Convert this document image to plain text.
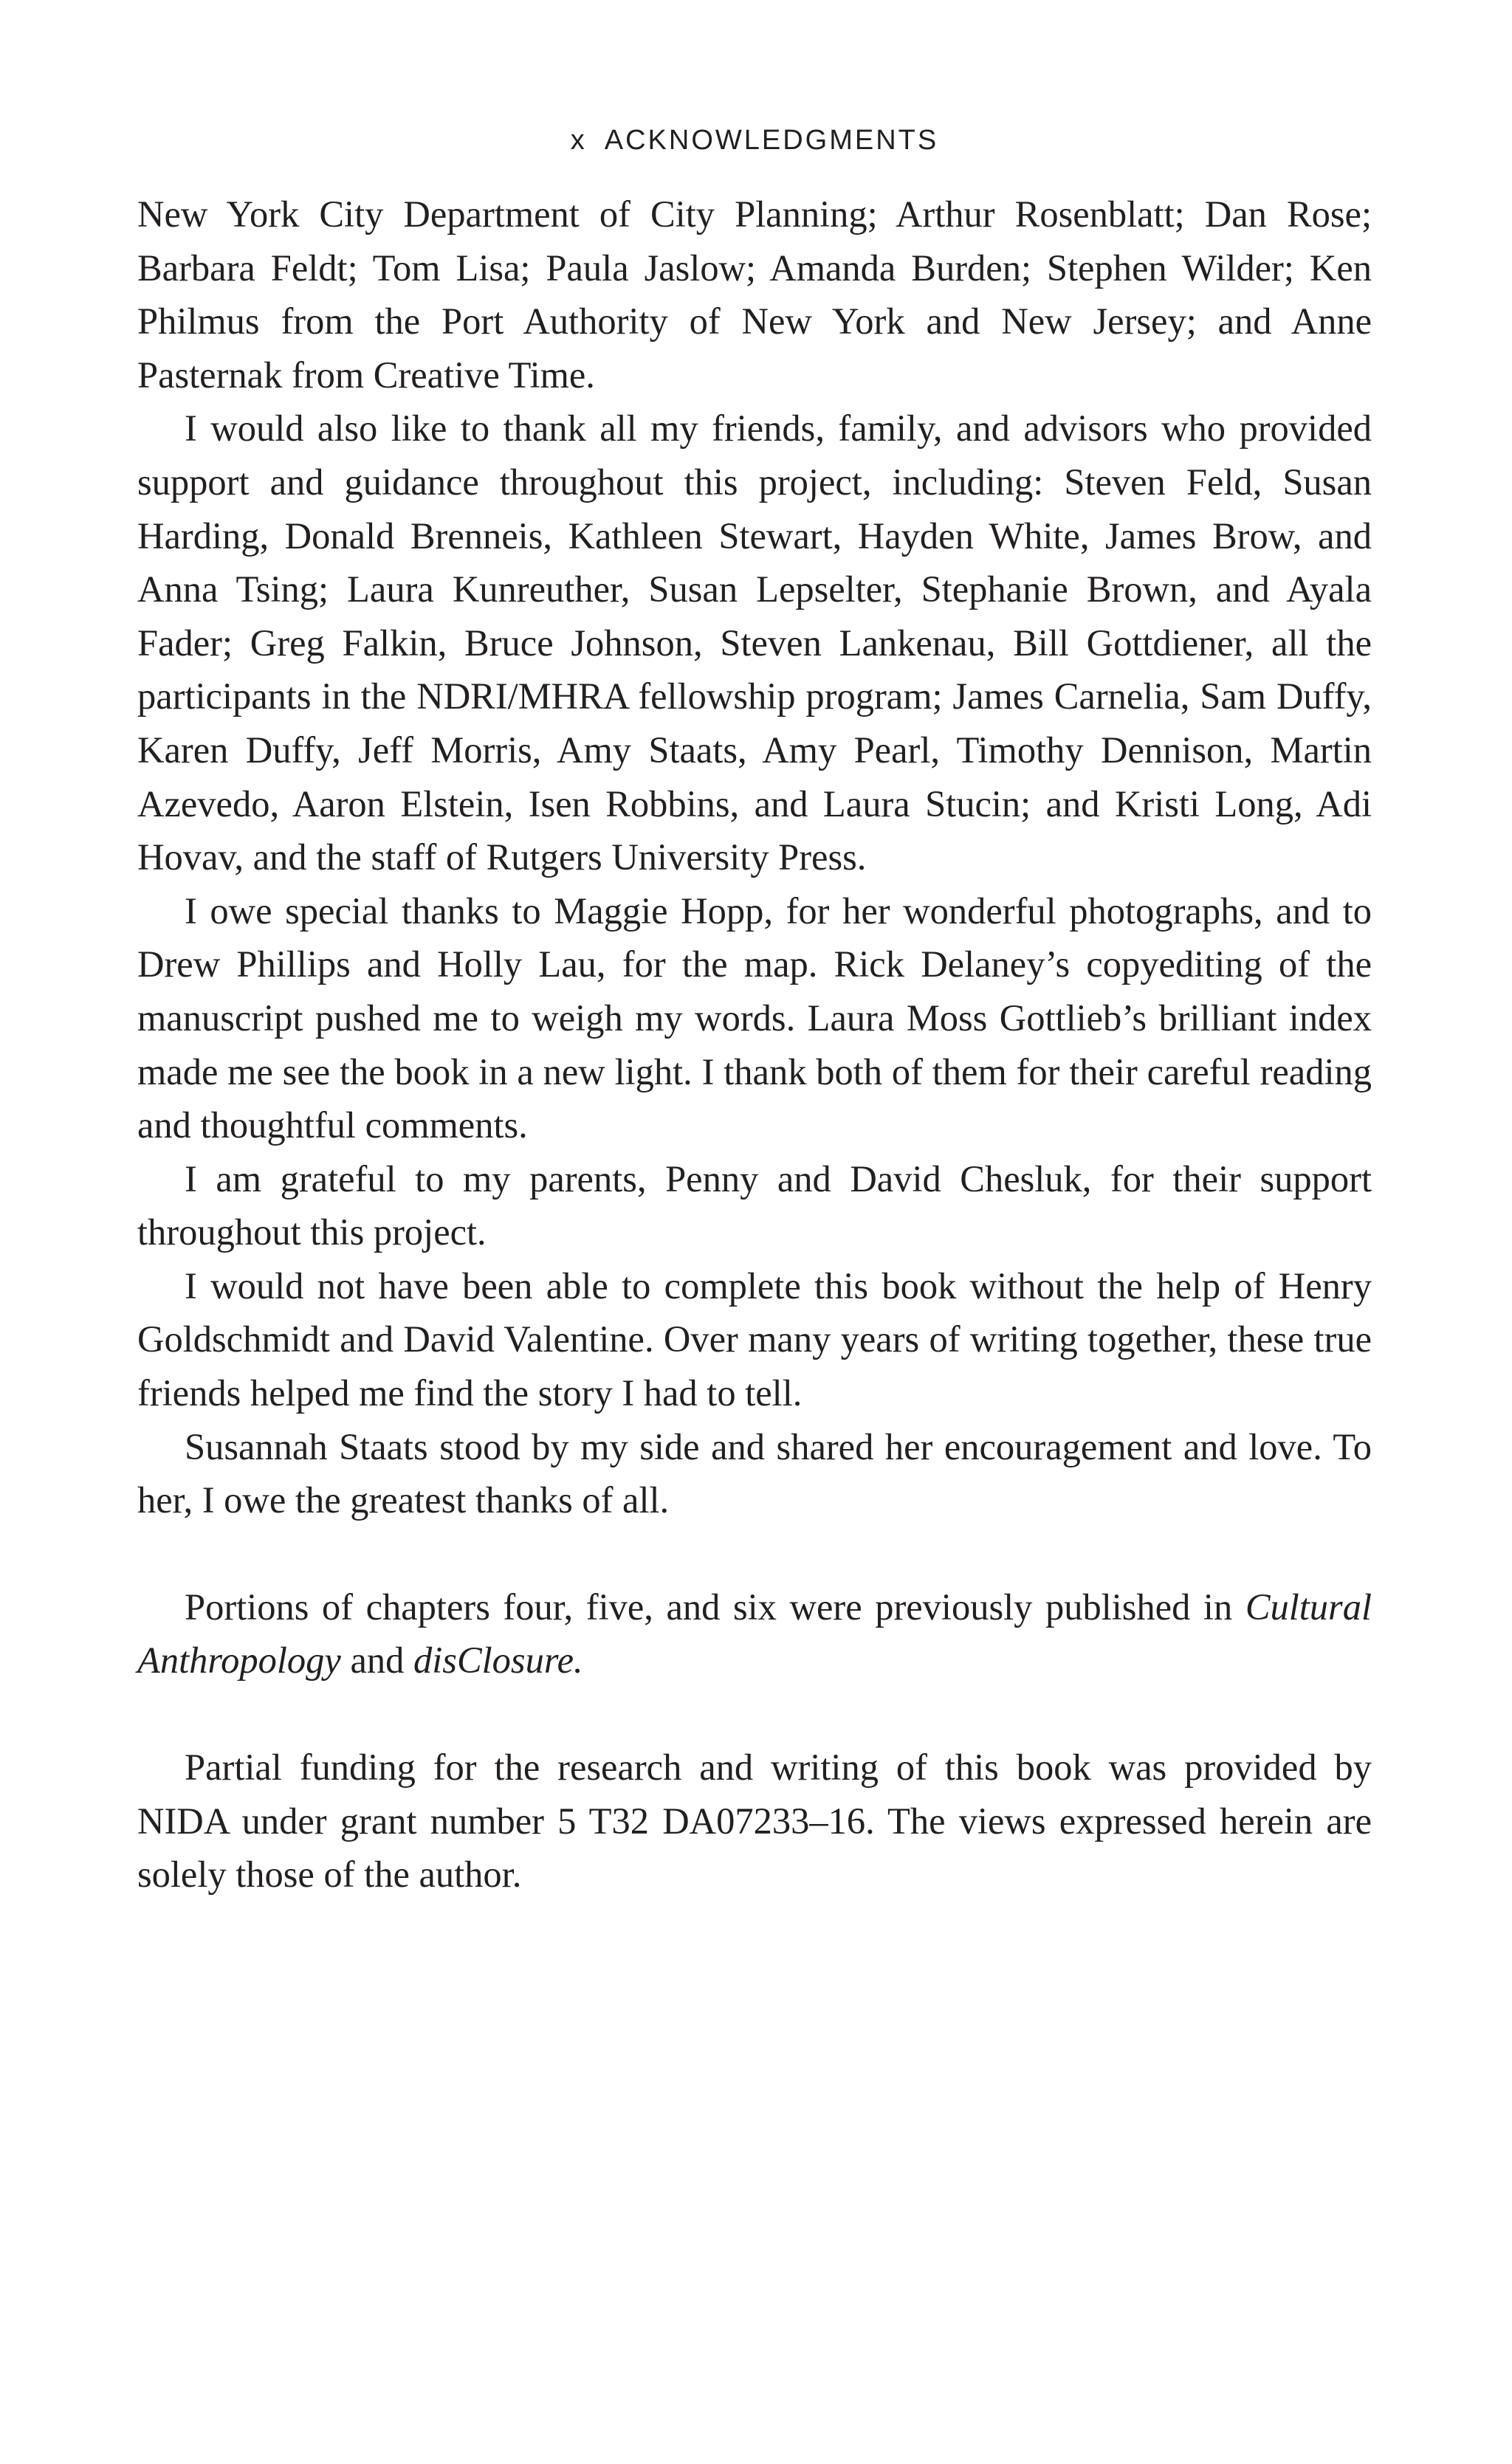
x ACKNOWLEDGMENTS

New York City Department of City Planning; Arthur Rosenblatt; Dan Rose; Barbara Feldt; Tom Lisa; Paula Jaslow; Amanda Burden; Stephen Wilder; Ken Philmus from the Port Authority of New York and New Jersey; and Anne Pasternak from Creative Time.

I would also like to thank all my friends, family, and advisors who provided support and guidance throughout this project, including: Steven Feld, Susan Harding, Donald Brenneis, Kathleen Stewart, Hayden White, James Brow, and Anna Tsing; Laura Kunreuther, Susan Lepselter, Stephanie Brown, and Ayala Fader; Greg Falkin, Bruce Johnson, Steven Lankenau, Bill Gottdiener, all the participants in the NDRI/MHRA fellowship program; James Carnelia, Sam Duffy, Karen Duffy, Jeff Morris, Amy Staats, Amy Pearl, Timothy Dennison, Martin Azevedo, Aaron Elstein, Isen Robbins, and Laura Stucin; and Kristi Long, Adi Hovav, and the staff of Rutgers University Press.

I owe special thanks to Maggie Hopp, for her wonderful photographs, and to Drew Phillips and Holly Lau, for the map. Rick Delaney’s copyediting of the manuscript pushed me to weigh my words. Laura Moss Gottlieb’s brilliant index made me see the book in a new light. I thank both of them for their careful reading and thoughtful comments.

I am grateful to my parents, Penny and David Chesluk, for their support throughout this project.

I would not have been able to complete this book without the help of Henry Goldschmidt and David Valentine. Over many years of writing together, these true friends helped me find the story I had to tell.

Susannah Staats stood by my side and shared her encouragement and love. To her, I owe the greatest thanks of all.

Portions of chapters four, five, and six were previously published in Cultural Anthropology and disClosure.

Partial funding for the research and writing of this book was provided by NIDA under grant number 5 T32 DA07233–16. The views expressed herein are solely those of the author.
